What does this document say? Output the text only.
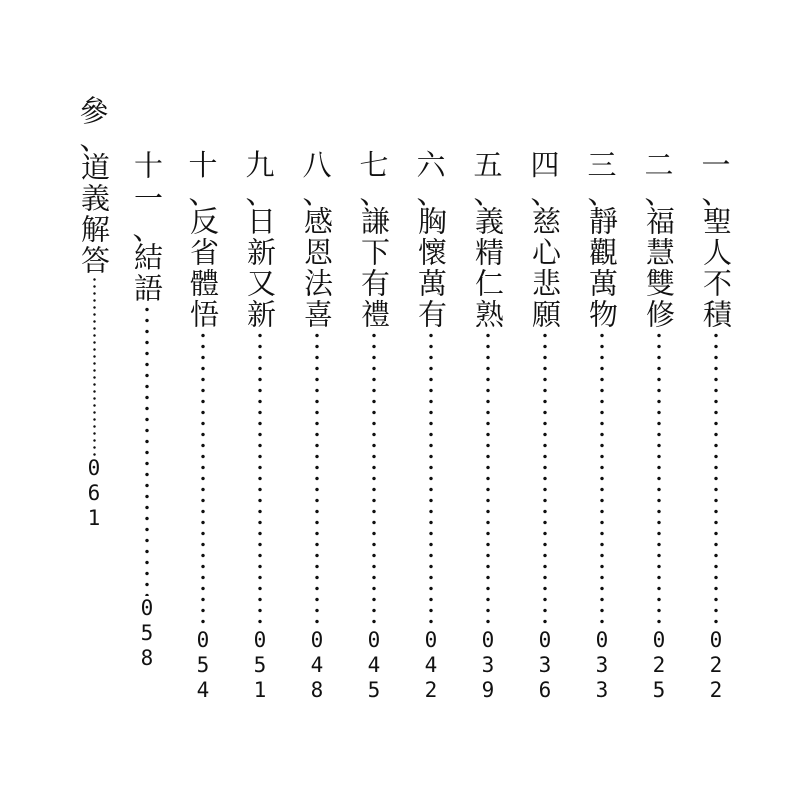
參
、
道義解答
061
一
、
聖人不積
022
二
、
福慧雙修
025
三
、
靜觀萬物
033
四
、
慈心悲願
036
五
、
義精仁熟
039
六
、
胸懷萬有
042
七
、
謙下有禮
045
八
、
感恩法喜
048
九
、
日新又新
051
十
、
反省體悟
054
十一
、
結語
058
